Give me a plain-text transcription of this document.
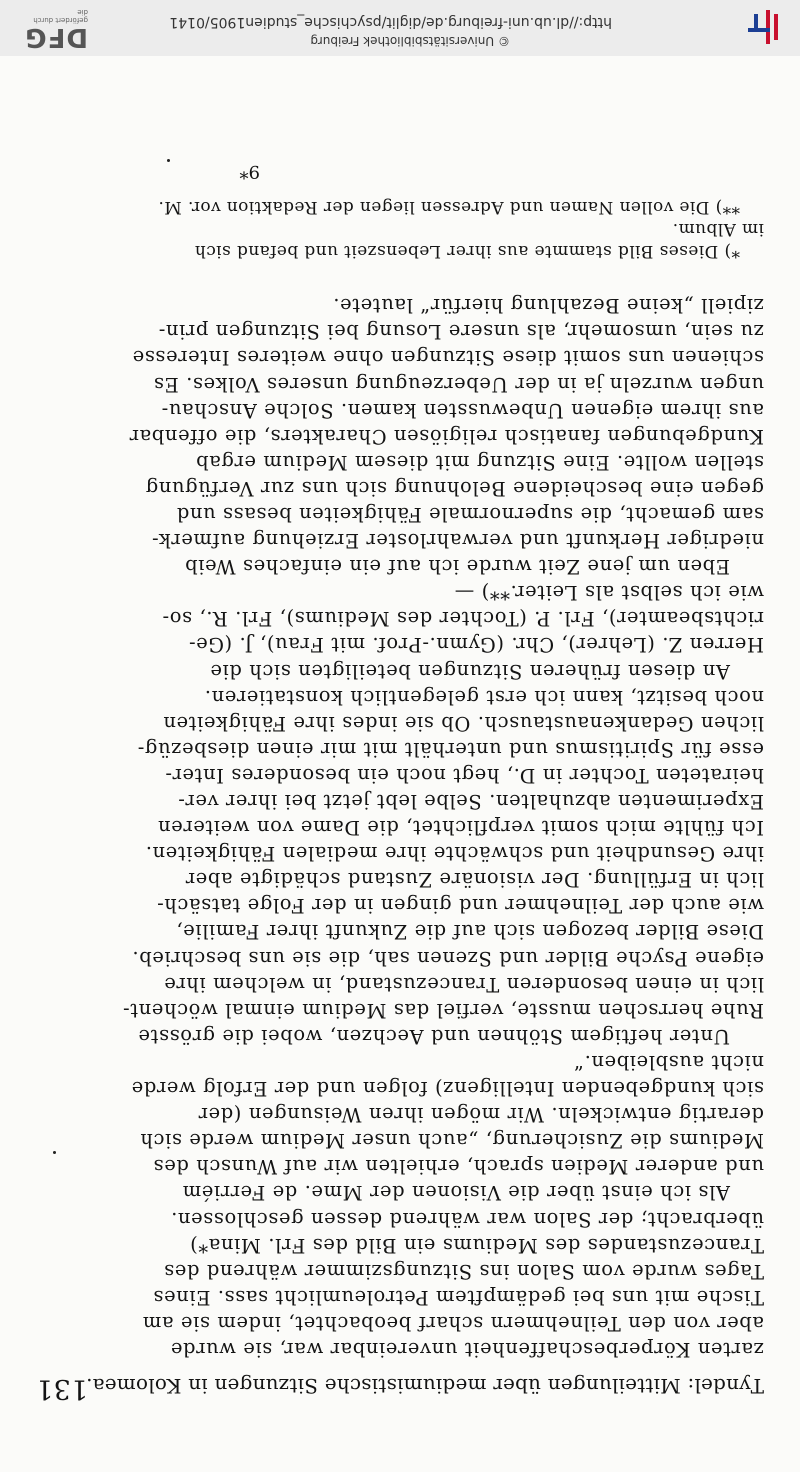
Tyndel: Mitteilungen über mediumistische Sitzungen in Kolomea.
131

zarten Körperbeschaffenheit unvereinbar war, sie wurde
aber von den Teilnehmern scharf beobachtet, indem sie am
Tische mit uns bei gedämpftem Petroleumlicht sass. Eines
Tages wurde vom Salon ins Sitzungszimmer während des
Trancezustandes des Mediums ein Bild des Frl. Mina*)
überbracht; der Salon war während dessen geschlossen.

Als ich einst über die Visionen der Mme. de Ferriém
und anderer Medien sprach, erhielten wir auf Wunsch des
Mediums die Zusicherung, „auch unser Medium werde sich
derartig entwickeln. Wir mögen ihren Weisungen (der
sich kundgebenden Intelligenz) folgen und der Erfolg werde
nicht ausbleiben.“

Unter heftigem Stöhnen und Aechzen, wobei die grösste
Ruhe herrschen musste, verfiel das Medium einmal wöchent-
lich in einen besonderen Trancezustand, in welchem ihre
eigene Psyche Bilder und Szenen sah, die sie uns beschrieb.
Diese Bilder bezogen sich auf die Zukunft ihrer Familie,
wie auch der Teilnehmer und gingen in der Folge tatsäch-
lich in Erfüllung. Der visionäre Zustand schädigte aber
ihre Gesundheit und schwächte ihre medialen Fähigkeiten.
Ich fühlte mich somit verpflichtet, die Dame von weiteren
Experimenten abzuhalten. Selbe lebt jetzt bei ihrer ver-
heirateten Tochter in D., hegt noch ein besonderes Inter-
esse für Spiritismus und unterhält mit mir einen diesbezüg-
lichen Gedankenaustausch. Ob sie indes ihre Fähigkeiten
noch besitzt, kann ich erst gelegentlich konstatieren.

An diesen früheren Sitzungen beteiligten sich die
Herren Z. (Lehrer), Chr. (Gymn.-Prof. mit Frau), J. (Ge-
richtsbeamter), Frl. P. (Tochter des Mediums), Frl. R., so-
wie ich selbst als Leiter.**) —

Eben um jene Zeit wurde ich auf ein einfaches Weib
niedriger Herkunft und verwahrloster Erziehung aufmerk-
sam gemacht, die supernormale Fähigkeiten besass und
gegen eine bescheidene Belohnung sich uns zur Verfügung
stellen wollte. Eine Sitzung mit diesem Medium ergab
Kundgebungen fanatisch religiösen Charakters, die offenbar
aus ihrem eigenen Unbewussten kamen. Solche Anschau-
ungen wurzeln ja in der Ueberzeugung unseres Volkes. Es
schienen uns somit diese Sitzungen ohne weiteres Interesse
zu sein, umsomehr, als unsere Losung bei Sitzungen prin-
zipiell „keine Bezahlung hierfür“ lautete.

*) Dieses Bild stammte aus ihrer Lebenszeit und befand sich
im Album.

**) Die vollen Namen und Adressen liegen der Redaktion vor. M.

9*
© Universitätsbibliothek Freiburg
http://dl.ub.uni-freiburg.de/diglit/psychische_studien1905/0141
DFG
gefördert durch die
